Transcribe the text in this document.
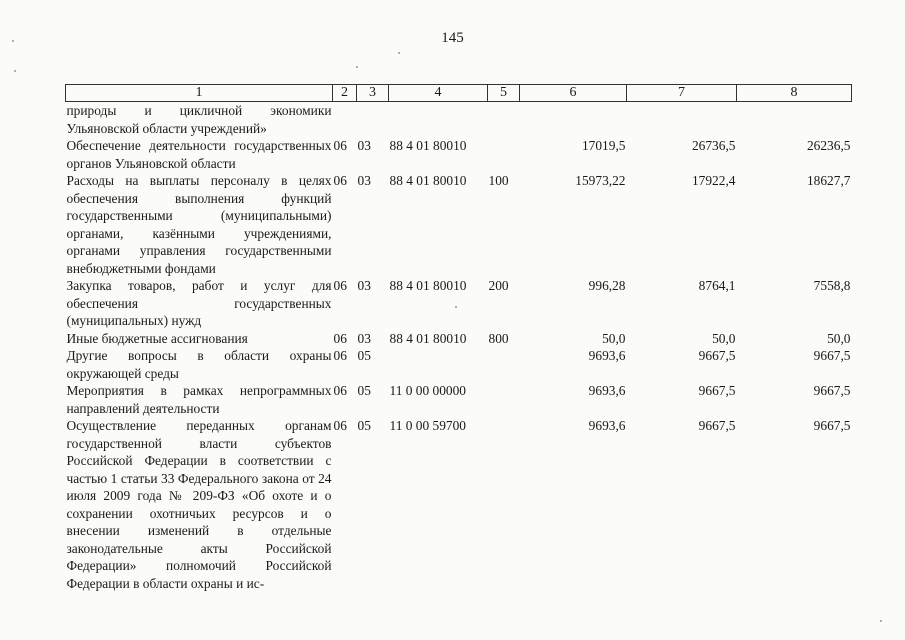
145
1	2	3	4	5	6	7	8
природы и цикличной экономики Ульяновской области учреждений»							
Обеспечение деятельности государственных органов Ульяновской области	06	03	88 4 01 80010		17019,5	26736,5	26236,5
Расходы на выплаты персоналу в целях обеспечения выполнения функций государственными (муниципальными) органами, казёнными учреждениями, органами управления государственными внебюджетными фондами	06	03	88 4 01 80010	100	15973,22	17922,4	18627,7
Закупка товаров, работ и услуг для обеспечения государственных (муниципальных) нужд	06	03	88 4 01 80010	200	996,28	8764,1	7558,8
Иные бюджетные ассигнования	06	03	88 4 01 80010	800	50,0	50,0	50,0
Другие вопросы в области охраны окружающей среды	06	05			9693,6	9667,5	9667,5
Мероприятия в рамках непрограммных направлений деятельности	06	05	11 0 00 00000		9693,6	9667,5	9667,5
Осуществление переданных органам государственной власти субъектов Российской Федерации в соответствии с частью 1 статьи 33 Федерального закона от 24 июля 2009 года № 209-ФЗ «Об охоте и о сохранении охотничьих ресурсов и о внесении изменений в отдельные законодательные акты Российской Федерации» полномочий Российской Федерации в области охраны и ис-	06	05	11 0 00 59700		9693,6	9667,5	9667,5
